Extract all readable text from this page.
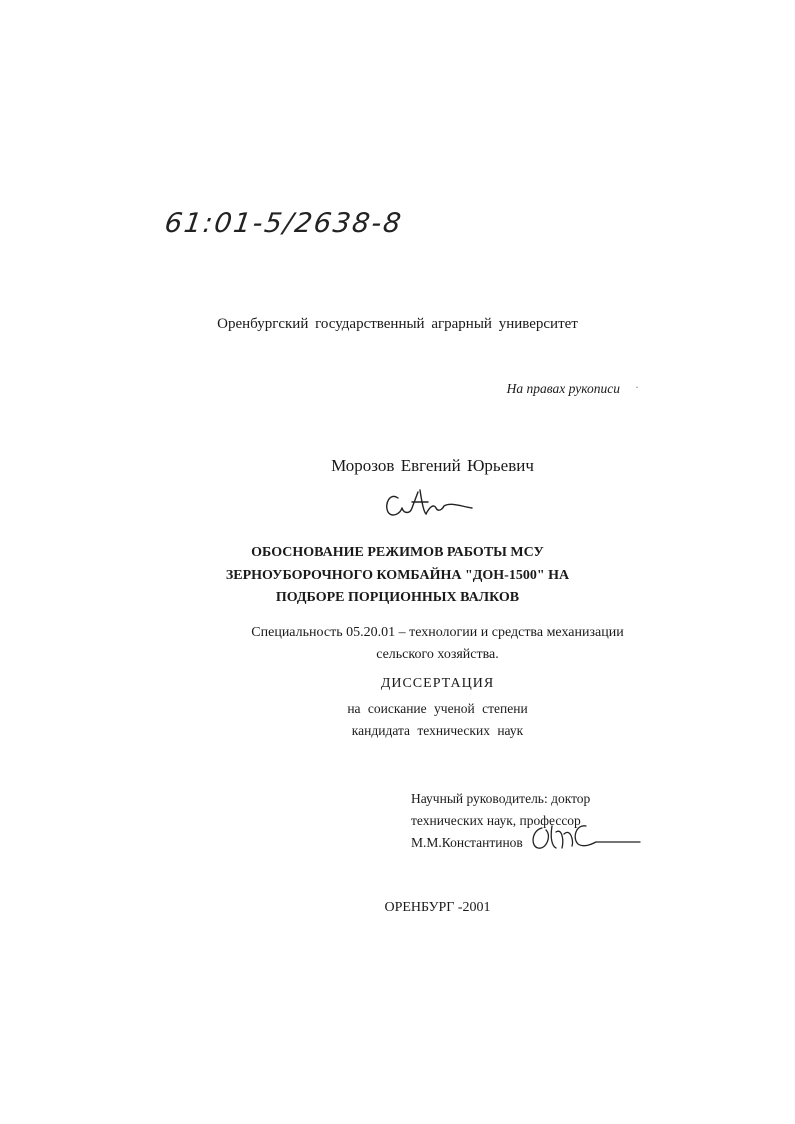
61:01-5/2638-8
Оренбургский государственный аграрный университет
На правах рукописи ·
Морозов Евгений Юрьевич
ОБОСНОВАНИЕ РЕЖИМОВ РАБОТЫ МСУ
ЗЕРНОУБОРОЧНОГО КОМБАЙНА "ДОН-1500" НА
ПОДБОРЕ ПОРЦИОННЫХ ВАЛКОВ
Специальность 05.20.01 – технологии и средства механизации
сельского хозяйства.
ДИССЕРТАЦИЯ
на соискание ученой степени
кандидата технических наук
Научный руководитель: доктор
технических наук, профессор
М.М.Константинов
ОРЕНБУРГ -2001
